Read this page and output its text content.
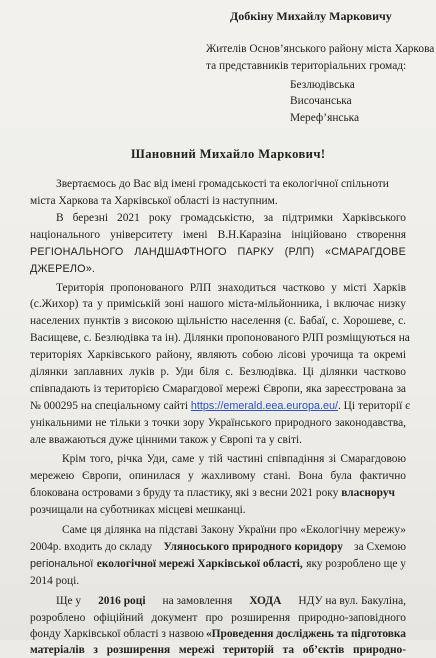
Добкіну Михайлу Марковичу
Жителів Основ’янського району міста Харкова
та представників територіальних громад:
Безлюдівська
Височанська
Мереф’янська
Шановний Михайло Маркович!
Звертаємось до Вас від імені громадськості та екологічної спільноти
міста Харкова та Харківської області із наступним.
В березні 2021 року громадськістю, за підтримки Харківського
національного університету імені В.Н.Каразіна ініційовано створення
РЕГІОНАЛЬНОГО ЛАНДШАФТНОГО ПАРКУ (РЛП) «СМАРАГДОВЕ
ДЖЕРЕЛО».
Територія пропонованого РЛП знаходиться частково у місті Харків
(с.Жихор) та у приміській зоні нашого міста-мільйонника, і включає низку
населених пунктів з високою щільністю населення (с. Бабаї, с. Хорошеве, с.
Васищеве, с. Безлюдівка та ін). Ділянки пропонованого РЛП розміщуються на
територіях Харківського району, являють собою лісові урочища та окремі
ділянки заплавних луків р. Уди біля с. Безлюдівка. Ці ділянки частково
співпадають із територією Смарагдової мережі Європи, яка зареєстрована за
№ 000295 на спеціальному сайті https://emerald.eea.europa.eu/. Ці території є
унікальними не тільки з точки зору Українського природного законодавства,
але вважаються дуже цінними також у Європі та у світі.
Крім того, річка Уди, саме у тій частині співпадіння зі Смарагдовою
мережею Європи, опинилася у жахливому стані. Вона була фактично
блокована островами з бруду та пластику, які з весни 2021 року власноруч
розчищали на суботниках місцеві мешканці.
Саме ця ділянка на підставі Закону України про «Екологічну мережу»
2004р. входить до складу Уляноського природного коридору за Схемою
регіональної екологічної мережі Харківської області, яку розроблено ще у
2014 році.
Ще у 2016 році на замовлення ХОДА НДУ на вул. Бакуліна,
розроблено офіційний документ про розширення природно-заповідного
фонду Харківської області з назвою «Проведення досліджень та підготовка
матеріалів з розширення мережі територій та об’єктів природно-
